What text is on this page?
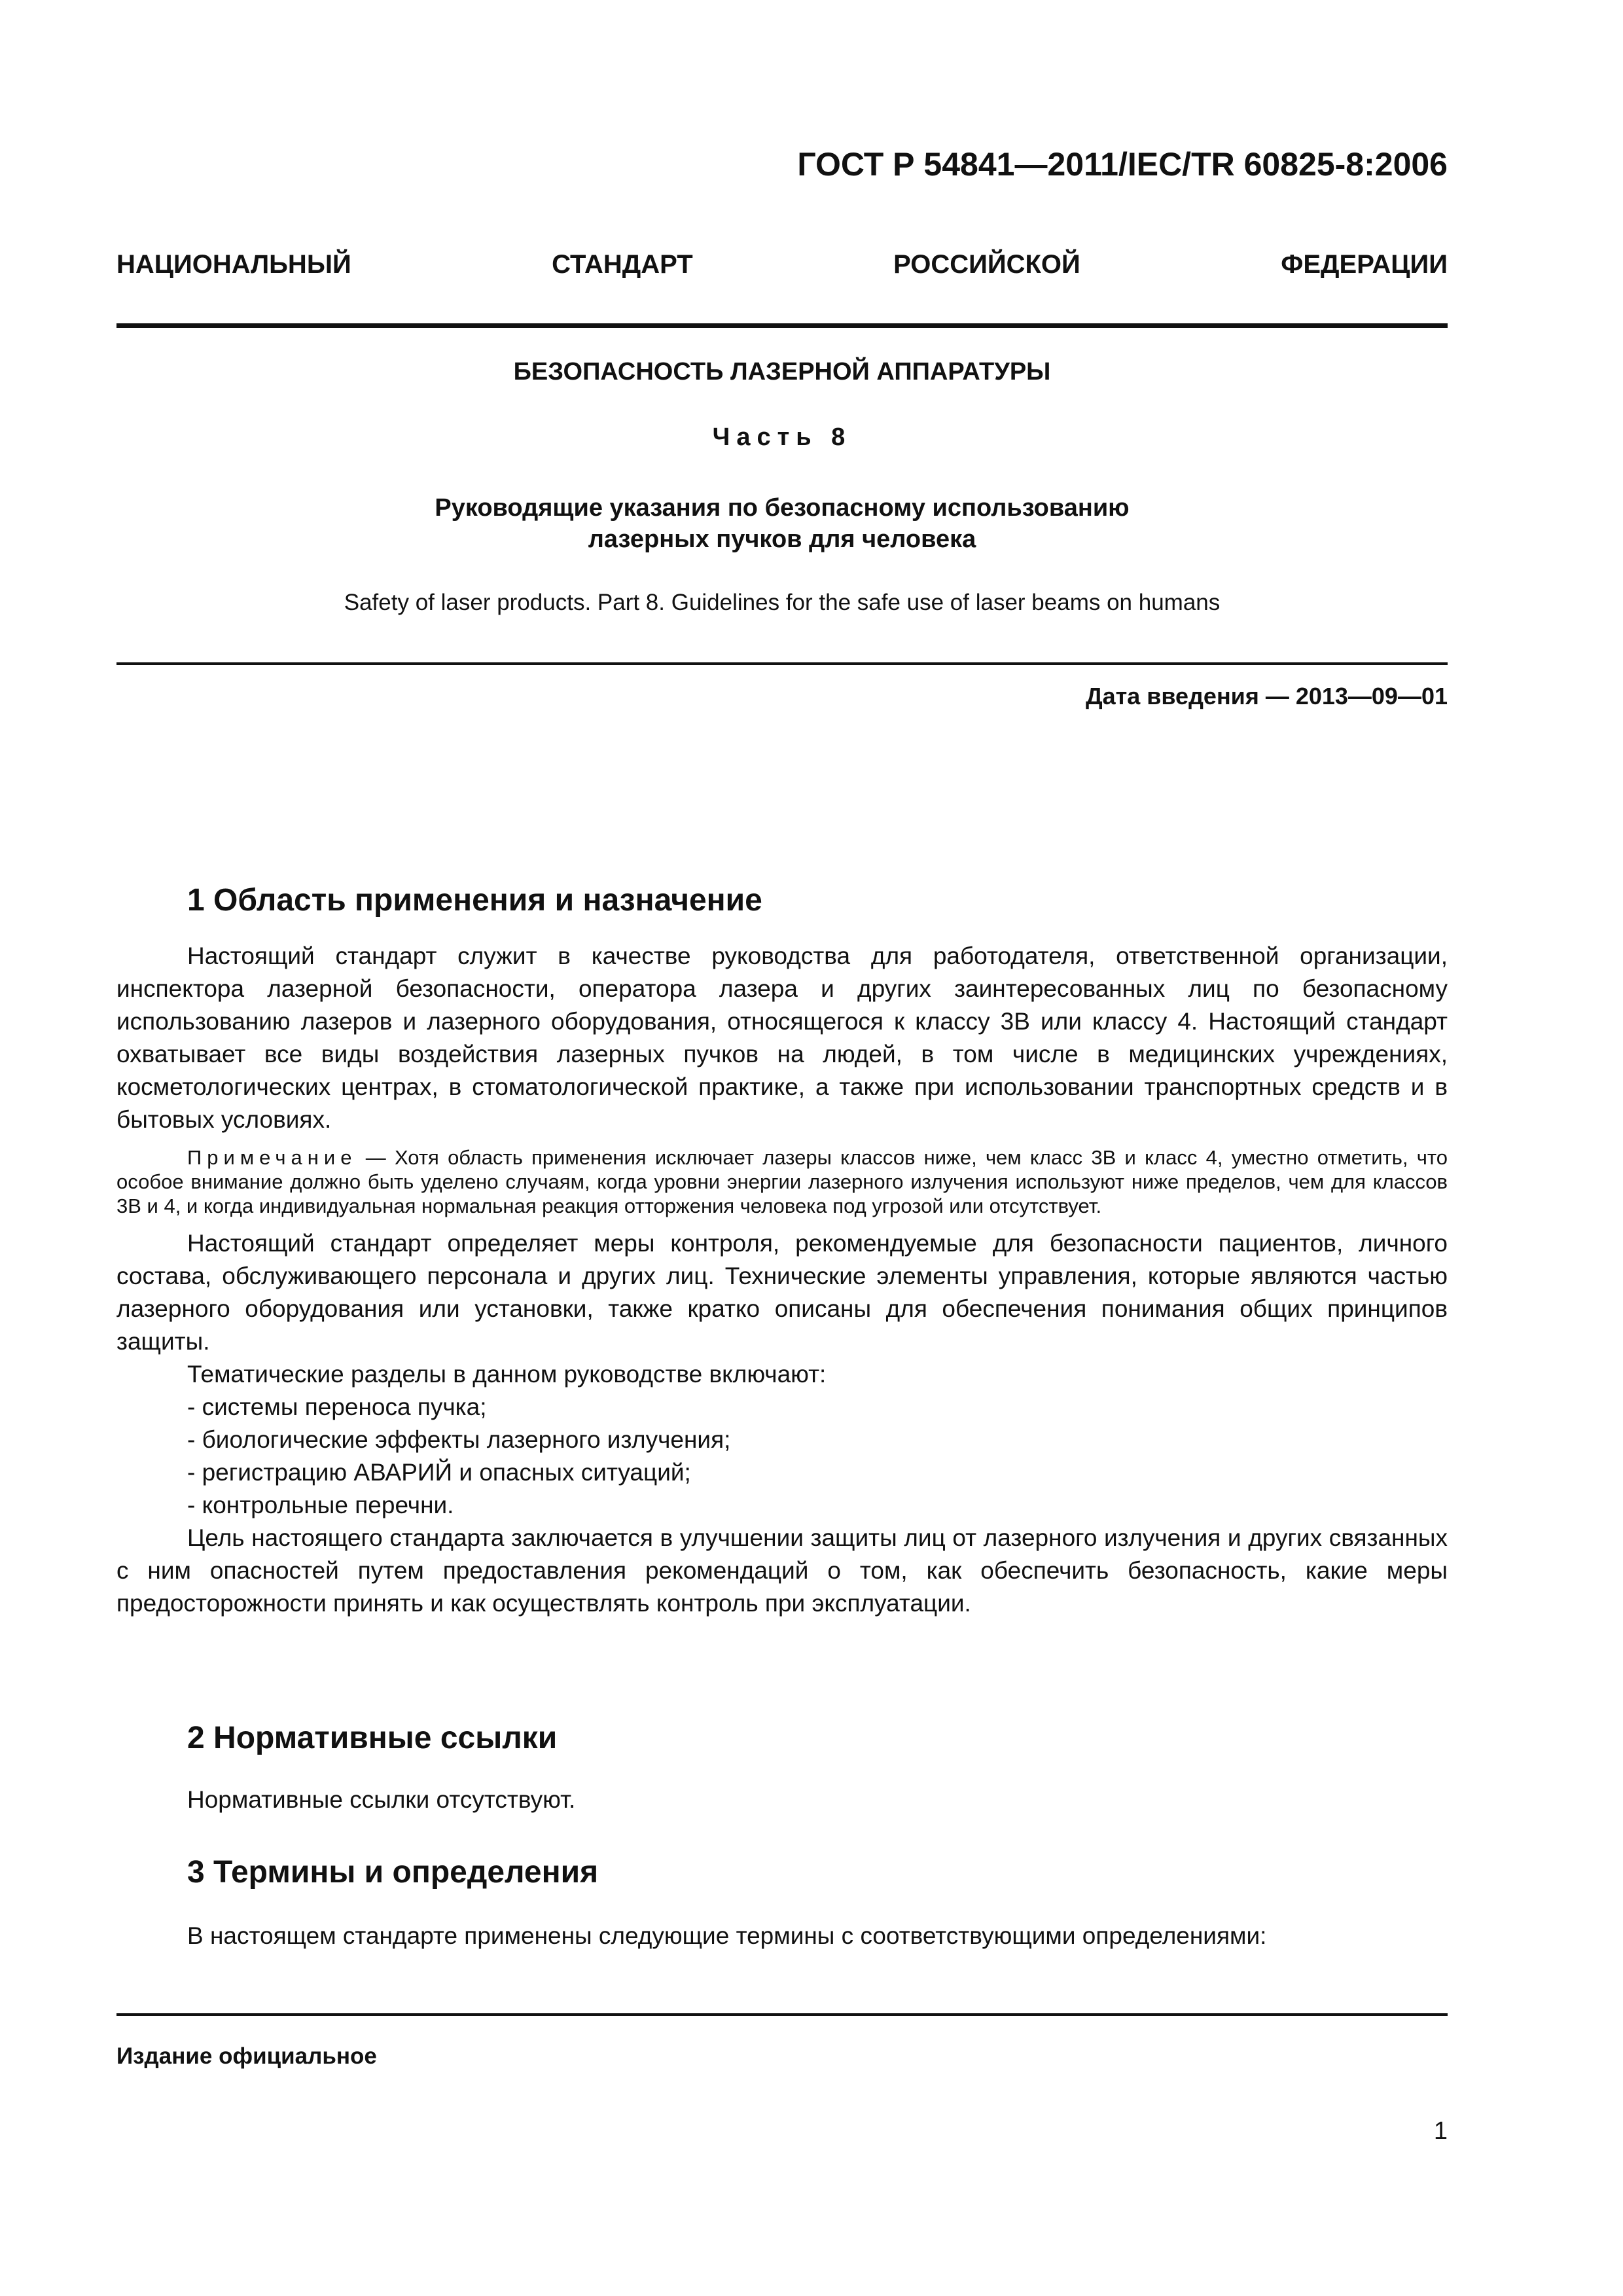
ГОСТ Р 54841—2011/IEC/TR 60825-8:2006
НАЦИОНАЛЬНЫЙ	СТАНДАРТ	РОССИЙСКОЙ	ФЕДЕРАЦИИ
БЕЗОПАСНОСТЬ ЛАЗЕРНОЙ АППАРАТУРЫ
Часть 8
Руководящие указания по безопасному использованию
лазерных пучков для человека
Safety of laser products. Part 8. Guidelines for the safe use of laser beams on humans
Дата введения — 2013—09—01
1 Область применения и назначение

Настоящий стандарт служит в качестве руководства для работодателя, ответственной организации, инспектора лазерной безопасности, оператора лазера и других заинтересованных лиц по безопасному использованию лазеров и лазерного оборудования, относящегося к классу 3В или классу 4. Настоящий стандарт охватывает все виды воздействия лазерных пучков на людей, в том числе в медицинских учреждениях, косметологических центрах, в стоматологической практике, а также при использовании транспортных средств и в бытовых условиях.

Примечание — Хотя область применения исключает лазеры классов ниже, чем класс 3В и класс 4, уместно отметить, что особое внимание должно быть уделено случаям, когда уровни энергии лазерного излучения используют ниже пределов, чем для классов 3В и 4, и когда индивидуальная нормальная реакция отторжения человека под угрозой или отсутствует.

Настоящий стандарт определяет меры контроля, рекомендуемые для безопасности пациентов, личного состава, обслуживающего персонала и других лиц. Технические элементы управления, которые являются частью лазерного оборудования или установки, также кратко описаны для обеспечения понимания общих принципов защиты.

Тематические разделы в данном руководстве включают:

- системы переноса пучка;
- биологические эффекты лазерного излучения;
- регистрацию АВАРИЙ и опасных ситуаций;
- контрольные перечни.

Цель настоящего стандарта заключается в улучшении защиты лиц от лазерного излучения и других связанных с ним опасностей путем предоставления рекомендаций о том, как обеспечить безопасность, какие меры предосторожности принять и как осуществлять контроль при эксплуатации.

2 Нормативные ссылки

Нормативные ссылки отсутствуют.

3 Термины и определения

В настоящем стандарте применены следующие термины с соответствующими определениями:

Издание официальное
1
